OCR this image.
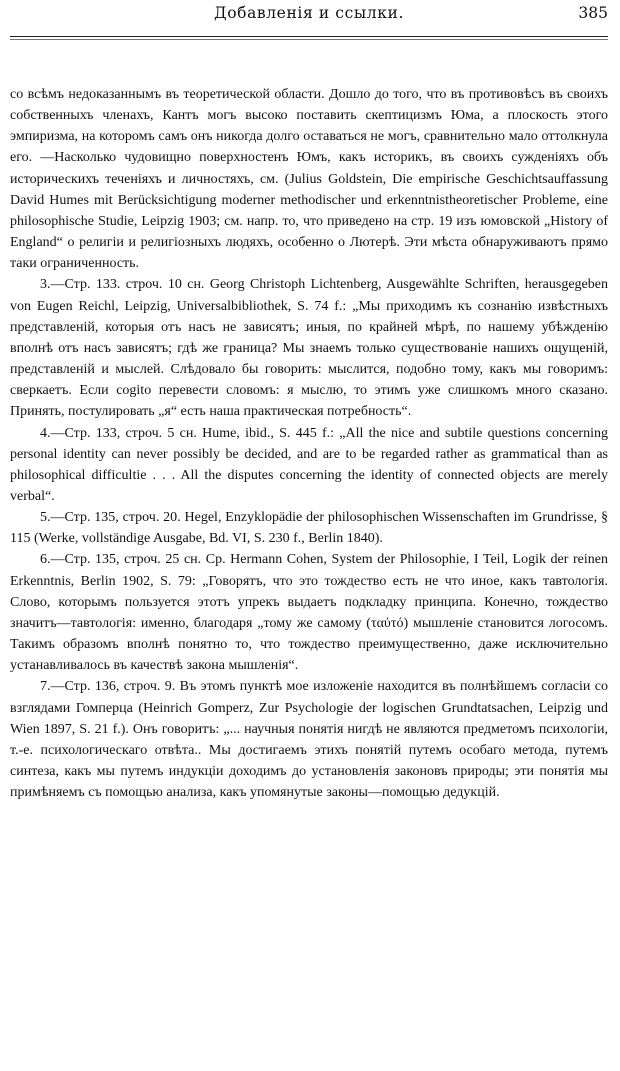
Добавленія и ссылки.	385

со всѣмъ недоказаннымъ въ теоретической области. Дошло до того, что въ противовѣсъ въ своихъ собственныхъ членахъ, Кантъ могъ высоко поставить скептицизмъ Юма, а плоскость этого эмпиризма, на которомъ самъ онъ никогда долго оставаться не могъ, сравнительно мало оттолкнула его. —Насколько чудовищно поверхностенъ Юмъ, какъ историкъ, въ своихъ сужденіяхъ объ историческихъ теченіяхъ и личностяхъ, см. (Julius Goldstein, Die empirische Geschichtsauffassung David Humes mit Berücksichtigung moderner methodischer und erkenntnistheoretischer Probleme, eine philosophische Studie, Leipzig 1903; см. напр. то, что приведено на стр. 19 изъ юмовской „History of England“ о религіи и религіозныхъ людяхъ, особенно о Лютерѣ. Эти мѣста обнаруживаютъ прямо таки ограниченность.

3.—Стр. 133. строч. 10 сн. Georg Christoph Lichtenberg, Ausgewählte Schriften, herausgegeben von Eugen Reichl, Leipzig, Universalbibliothek, S. 74 f.: „Мы приходимъ къ сознанію извѣстныхъ представленій, которыя отъ насъ не зависятъ; иныя, по крайней мѣрѣ, по нашему убѣжденію вполнѣ отъ насъ зависятъ; гдѣ же граница? Мы знаемъ только существованіе нашихъ ощущеній, представленій и мыслей. Слѣдовало бы говорить: мыслится, подобно тому, какъ мы говоримъ: сверкаетъ. Если cogito перевести словомъ: я мыслю, то этимъ уже слишкомъ много сказано. Принять, постулировать „я“ есть наша практическая потребность“.

4.—Стр. 133, строч. 5 сн. Hume, ibid., S. 445 f.: „All the nice and subtile questions concerning personal identity can never possibly be decided, and are to be regarded rather as grammatical than as philosophical difficultie . . . All the disputes concerning the identity of connected objects are merely verbal“.

5.—Стр. 135, строч. 20. Hegel, Enzyklopädie der philosophischen Wissenschaften im Grundrisse, § 115 (Werke, vollständige Ausgabe, Bd. VI, S. 230 f., Berlin 1840).

6.—Стр. 135, строч. 25 сн. Cp. Hermann Cohen, System der Philosophie, I Teil, Logik der reinen Erkenntnis, Berlin 1902, S. 79: „Говорятъ, что это тождество есть не что иное, какъ тавтологія. Слово, которымъ пользуется этотъ упрекъ выдаетъ подкладку принципа. Конечно, тождество значитъ—тавтологія: именно, благодаря „тому же самому (ταὐτό) мышленіе становится логосомъ. Такимъ образомъ вполнѣ понятно то, что тождество преимущественно, даже исключительно устанавливалось въ качествѣ закона мышленія“.

7.—Стр. 136, строч. 9. Въ этомъ пунктѣ мое изложеніе находится въ полнѣйшемъ согласіи со взглядами Гомперца (Heinrich Gomperz, Zur Psychologie der logischen Grundtatsachen, Leipzig und Wien 1897, S. 21 f.). Онъ говоритъ: „... научныя понятія нигдѣ не являются предметомъ психологіи, т.-е. психологическаго отвѣта.. Мы достигаемъ этихъ понятій путемъ особаго метода, путемъ синтеза, какъ мы путемъ индукціи доходимъ до установленія законовъ природы; эти понятія мы примѣняемъ съ помощью анализа, какъ упомянутые законы—помощью дедукцій.
